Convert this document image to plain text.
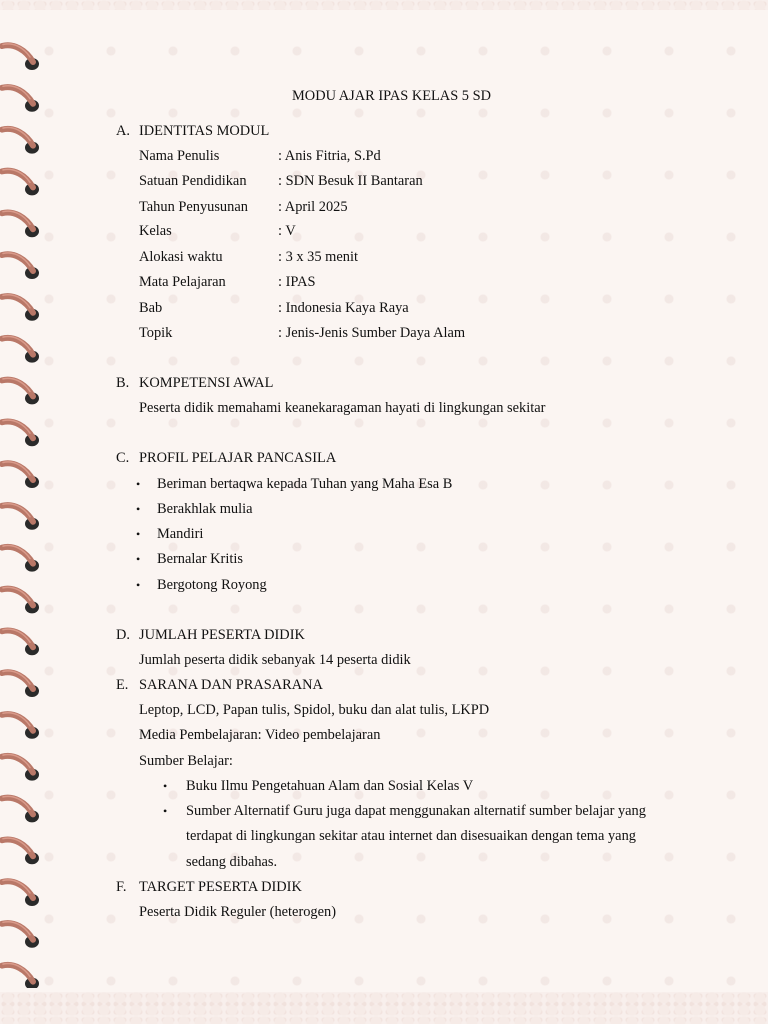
MODU AJAR IPAS KELAS 5 SD
A. IDENTITAS MODUL
Nama Penulis	: Anis Fitria, S.Pd
Satuan Pendidikan : SDN Besuk II Bantaran
Tahun Penyusunan : April 2025
Kelas	: V
Alokasi waktu	: 3 x 35 menit
Mata Pelajaran	: IPAS
Bab	: Indonesia Kaya Raya
Topik	: Jenis-Jenis Sumber Daya Alam
B. KOMPETENSI AWAL
Peserta didik memahami keanekaragaman hayati di lingkungan sekitar
C. PROFIL PELAJAR PANCASILA
• Beriman bertaqwa kepada Tuhan yang Maha Esa B
• Berakhlak mulia
• Mandiri
• Bernalar Kritis
• Bergotong Royong
D. JUMLAH PESERTA DIDIK
Jumlah peserta didik sebanyak 14 peserta didik
E. SARANA DAN PRASARANA
Leptop, LCD, Papan tulis, Spidol, buku dan alat tulis, LKPD
Media Pembelajaran: Video pembelajaran
Sumber Belajar:
• Buku Ilmu Pengetahuan Alam dan Sosial Kelas V
• Sumber Alternatif Guru juga dapat menggunakan alternatif sumber belajar yang
terdapat di lingkungan sekitar atau internet dan disesuaikan dengan tema yang
sedang dibahas.
F. TARGET PESERTA DIDIK
Peserta Didik Reguler (heterogen)
